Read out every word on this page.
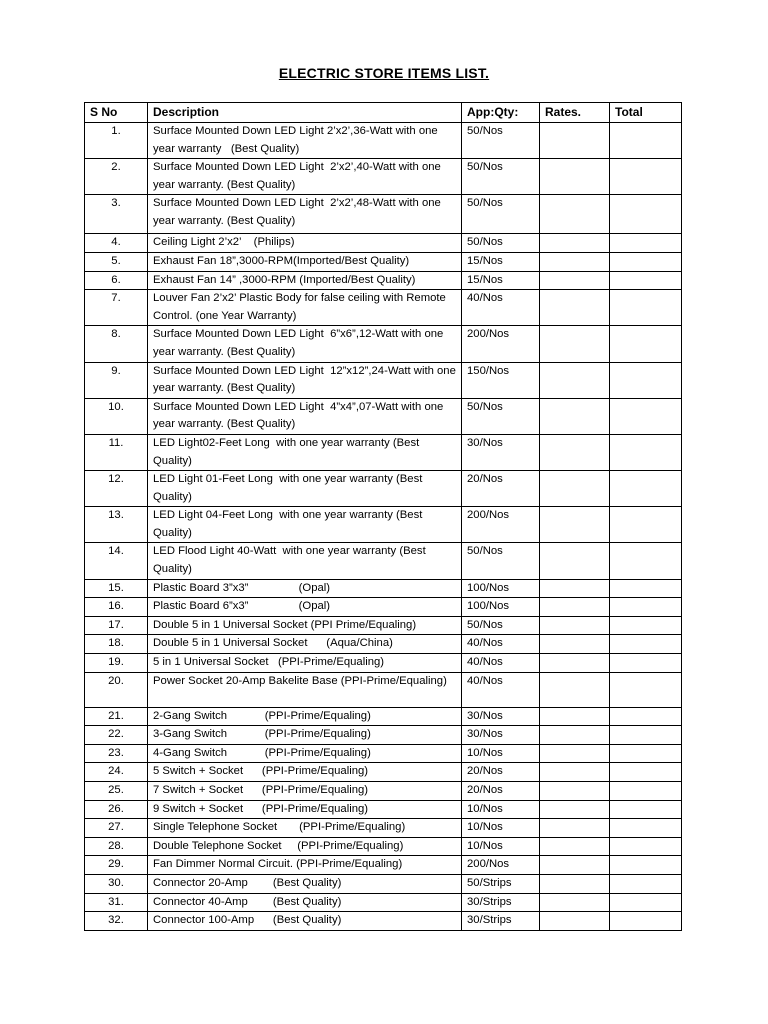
ELECTRIC STORE ITEMS LIST.
S No	Description	App:Qty:	Rates.	Total
1.	Surface Mounted Down LED Light 2’x2’,36-Watt with one year warranty   (Best Quality)	50/Nos		
2.	Surface Mounted Down LED Light  2’x2’,40-Watt with one year warranty. (Best Quality)	50/Nos		
3.	Surface Mounted Down LED Light  2’x2’,48-Watt with one year warranty. (Best Quality)	50/Nos		
4.	Ceiling Light 2’x2’    (Philips)	50/Nos		
5.	Exhaust Fan 18”,3000-RPM(Imported/Best Quality)	15/Nos		
6.	Exhaust Fan 14” ,3000-RPM (Imported/Best Quality)	15/Nos		
7.	Louver Fan 2’x2’ Plastic Body for false ceiling with Remote Control. (one Year Warranty)	40/Nos		
8.	Surface Mounted Down LED Light  6”x6”,12-Watt with one year warranty. (Best Quality)	200/Nos		
9.	Surface Mounted Down LED Light  12”x12”,24-Watt with one year warranty. (Best Quality)	150/Nos		
10.	Surface Mounted Down LED Light  4”x4”,07-Watt with one year warranty. (Best Quality)	50/Nos		
11.	LED Light02-Feet Long  with one year warranty (Best Quality)	30/Nos		
12.	LED Light 01-Feet Long  with one year warranty (Best Quality)	20/Nos		
13.	LED Light 04-Feet Long  with one year warranty (Best Quality)	200/Nos		
14.	LED Flood Light 40-Watt  with one year warranty (Best Quality)	50/Nos		
15.	Plastic Board 3”x3”                (Opal)	100/Nos		
16.	Plastic Board 6”x3”                (Opal)	100/Nos		
17.	Double 5 in 1 Universal Socket (PPI Prime/Equaling)	50/Nos		
18.	Double 5 in 1 Universal Socket      (Aqua/China)	40/Nos		
19.	5 in 1 Universal Socket   (PPI-Prime/Equaling)	40/Nos		
20.	Power Socket 20-Amp Bakelite Base (PPI-Prime/Equaling)	40/Nos		
21.	2-Gang Switch            (PPI-Prime/Equaling)	30/Nos		
22.	3-Gang Switch            (PPI-Prime/Equaling)	30/Nos		
23.	4-Gang Switch            (PPI-Prime/Equaling)	10/Nos		
24.	5 Switch + Socket      (PPI-Prime/Equaling)	20/Nos		
25.	7 Switch + Socket      (PPI-Prime/Equaling)	20/Nos		
26.	9 Switch + Socket      (PPI-Prime/Equaling)	10/Nos		
27.	Single Telephone Socket       (PPI-Prime/Equaling)	10/Nos		
28.	Double Telephone Socket     (PPI-Prime/Equaling)	10/Nos		
29.	Fan Dimmer Normal Circuit. (PPI-Prime/Equaling)	200/Nos		
30.	Connector 20-Amp        (Best Quality)	50/Strips		
31.	Connector 40-Amp        (Best Quality)	30/Strips		
32.	Connector 100-Amp      (Best Quality)	30/Strips		
